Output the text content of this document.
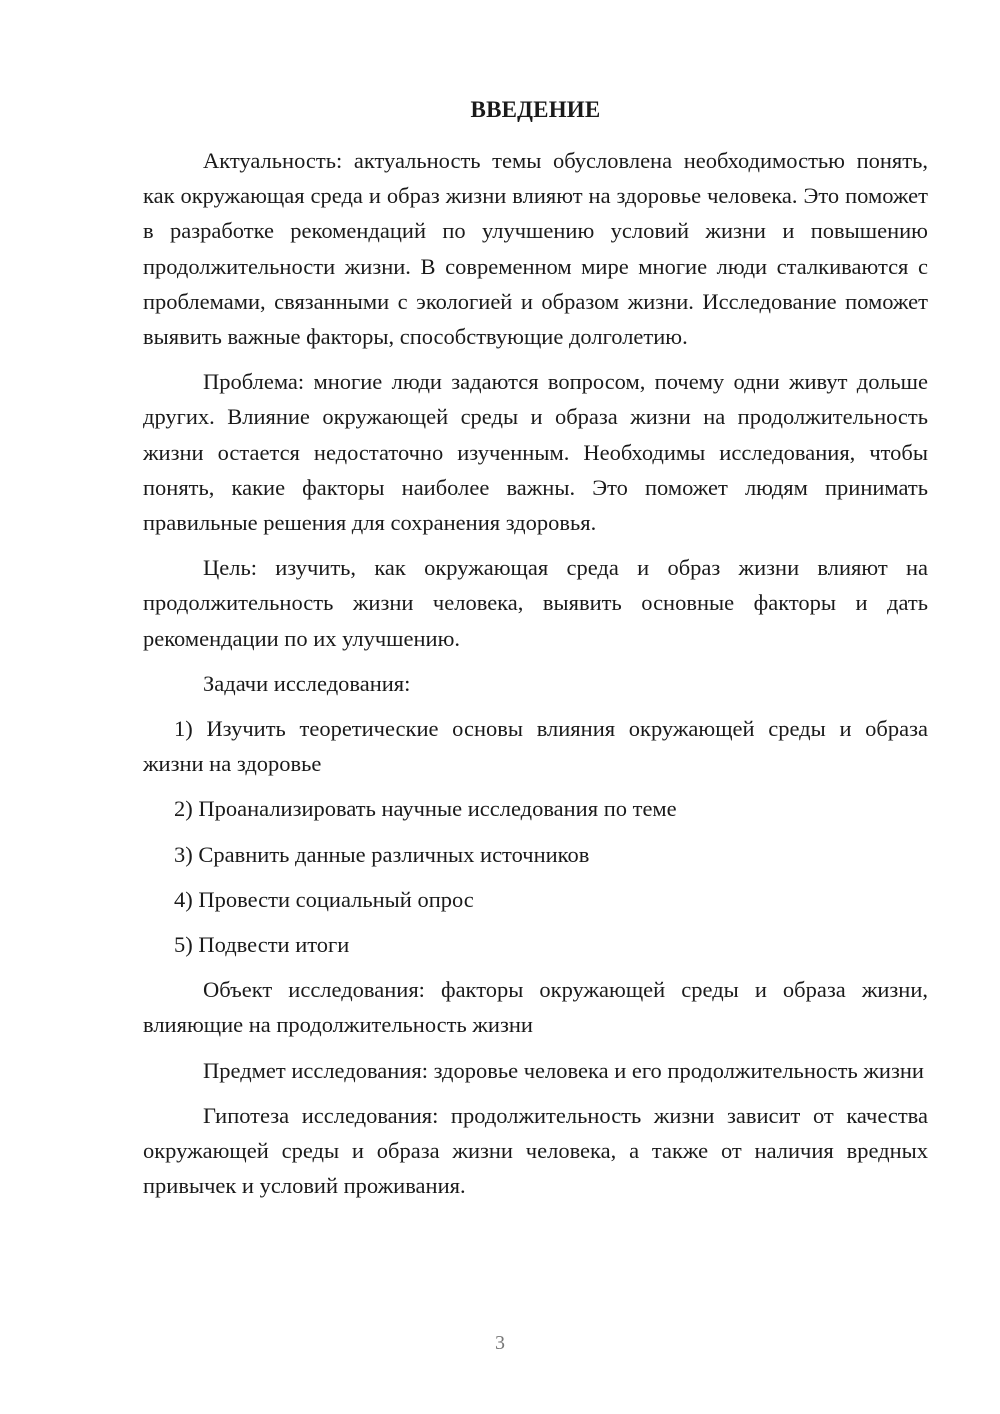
ВВЕДЕНИЕ

Актуальность: актуальность темы обусловлена необходимостью понять, как окружающая среда и образ жизни влияют на здоровье человека. Это поможет в разработке рекомендаций по улучшению условий жизни и повышению продолжительности жизни. В современном мире многие люди сталкиваются с проблемами, связанными с экологией и образом жизни. Исследование поможет выявить важные факторы, способствующие долголетию.

Проблема: многие люди задаются вопросом, почему одни живут дольше других. Влияние окружающей среды и образа жизни на продолжительность жизни остается недостаточно изученным. Необходимы исследования, чтобы понять, какие факторы наиболее важны. Это поможет людям принимать правильные решения для сохранения здоровья.

Цель: изучить, как окружающая среда и образ жизни влияют на продолжительность жизни человека, выявить основные факторы и дать рекомендации по их улучшению.

Задачи исследования:

1) Изучить теоретические основы влияния окружающей среды и образа жизни на здоровье

2) Проанализировать научные исследования по теме

3) Сравнить данные различных источников

4) Провести социальный опрос

5) Подвести итоги

Объект исследования: факторы окружающей среды и образа жизни, влияющие на продолжительность жизни

Предмет исследования: здоровье человека и его продолжительность жизни

Гипотеза исследования: продолжительность жизни зависит от качества окружающей среды и образа жизни человека, а также от наличия вредных привычек и условий проживания.

3
